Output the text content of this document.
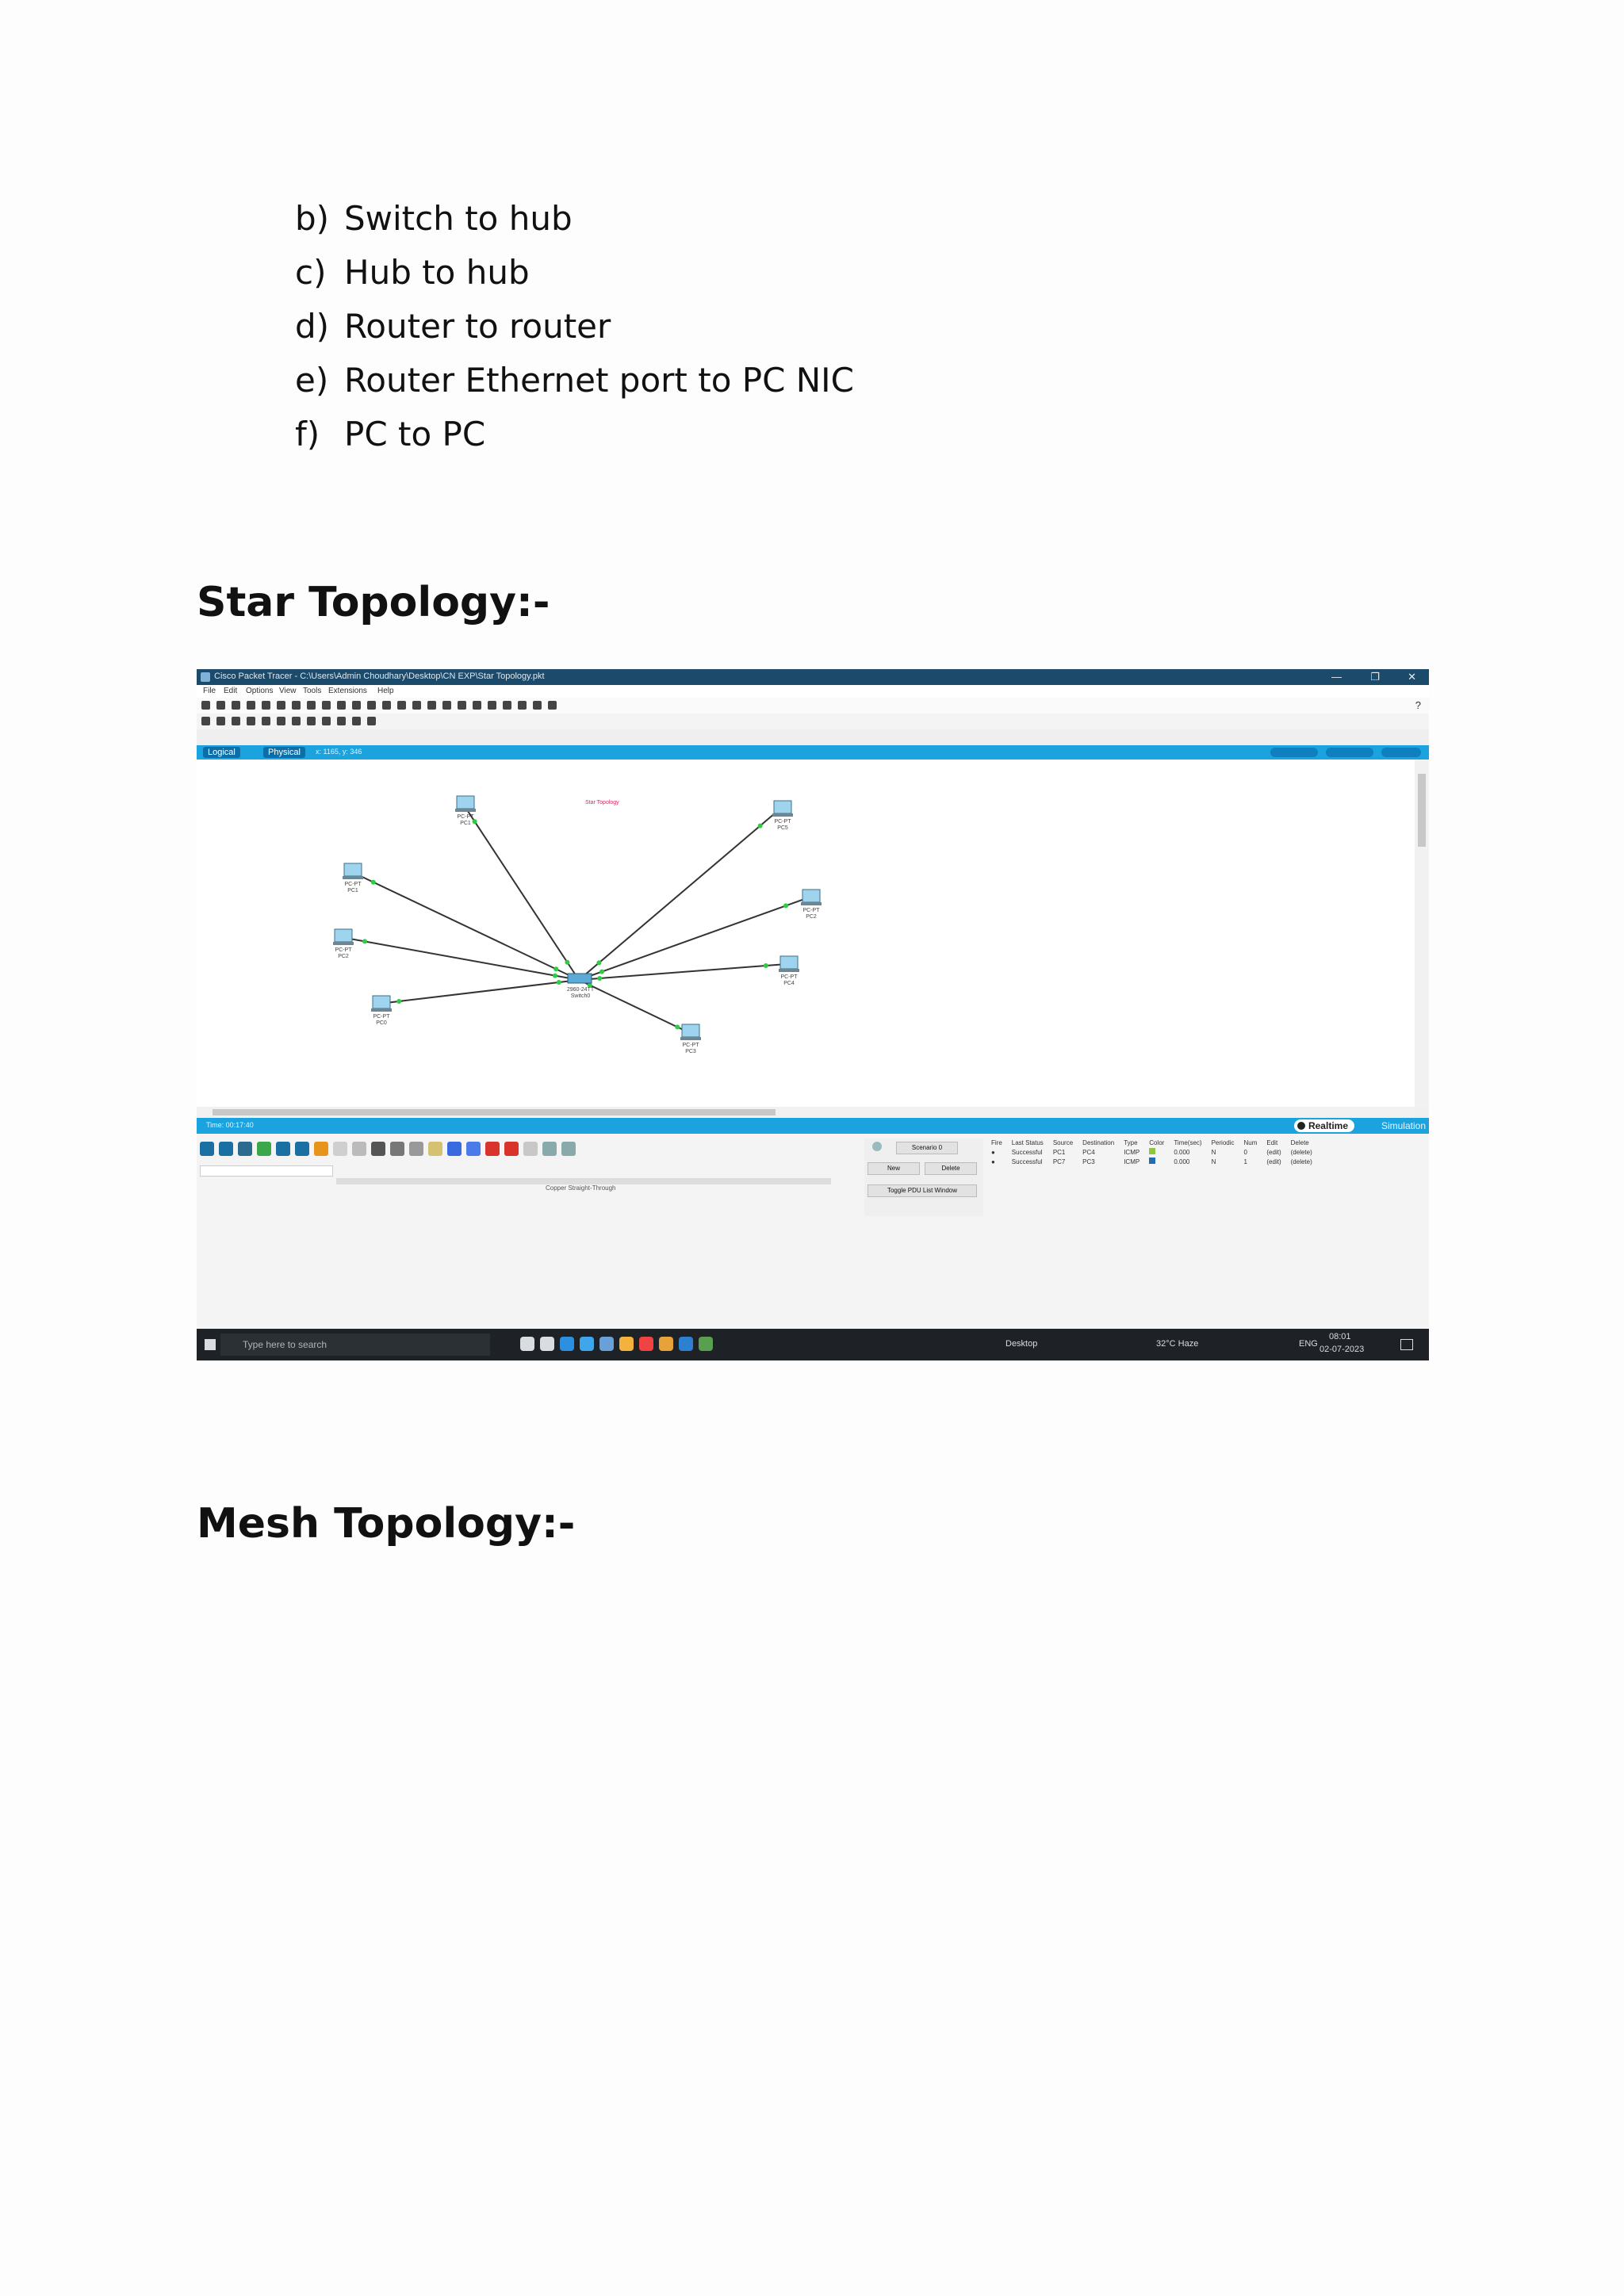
b) Switch to hub
c) Hub to hub
d) Router to router
e) Router Ethernet port to PC NIC
f) PC to PC
Star Topology:-
Cisco Packet Tracer - C:\Users\Admin Choudhary\Desktop\CN EXP\Star Topology.pkt	—	❐	✕
File Edit Options View Tools Extensions Help
?
Logical	Physical	x: 1165, y: 346
Star Topology
PC-PT
PC1	PC-PT
PC5
PC-PT
PC1
PC-PT
PC2
PC-PT
PC2
PC-PT
PC4
PC-PT
PC0
PC-PT
PC3
2960-24TT
Switch0
Time: 00:17:40	Realtime	Simulation
Copper Straight-Through
Scenario 0
New	Delete
Toggle PDU List Window
Fire	Last Status	Source	Destination	Type	Color	Time(sec)	Periodic	Num	Edit	Delete
●	Successful	PC1	PC4	ICMP		0.000	N	0	(edit)	(delete)
●	Successful	PC7	PC3	ICMP		0.000	N	1	(edit)	(delete)
Type here to search	Desktop	32°C Haze	ENG
08:01
02-07-2023
Mesh Topology:-
